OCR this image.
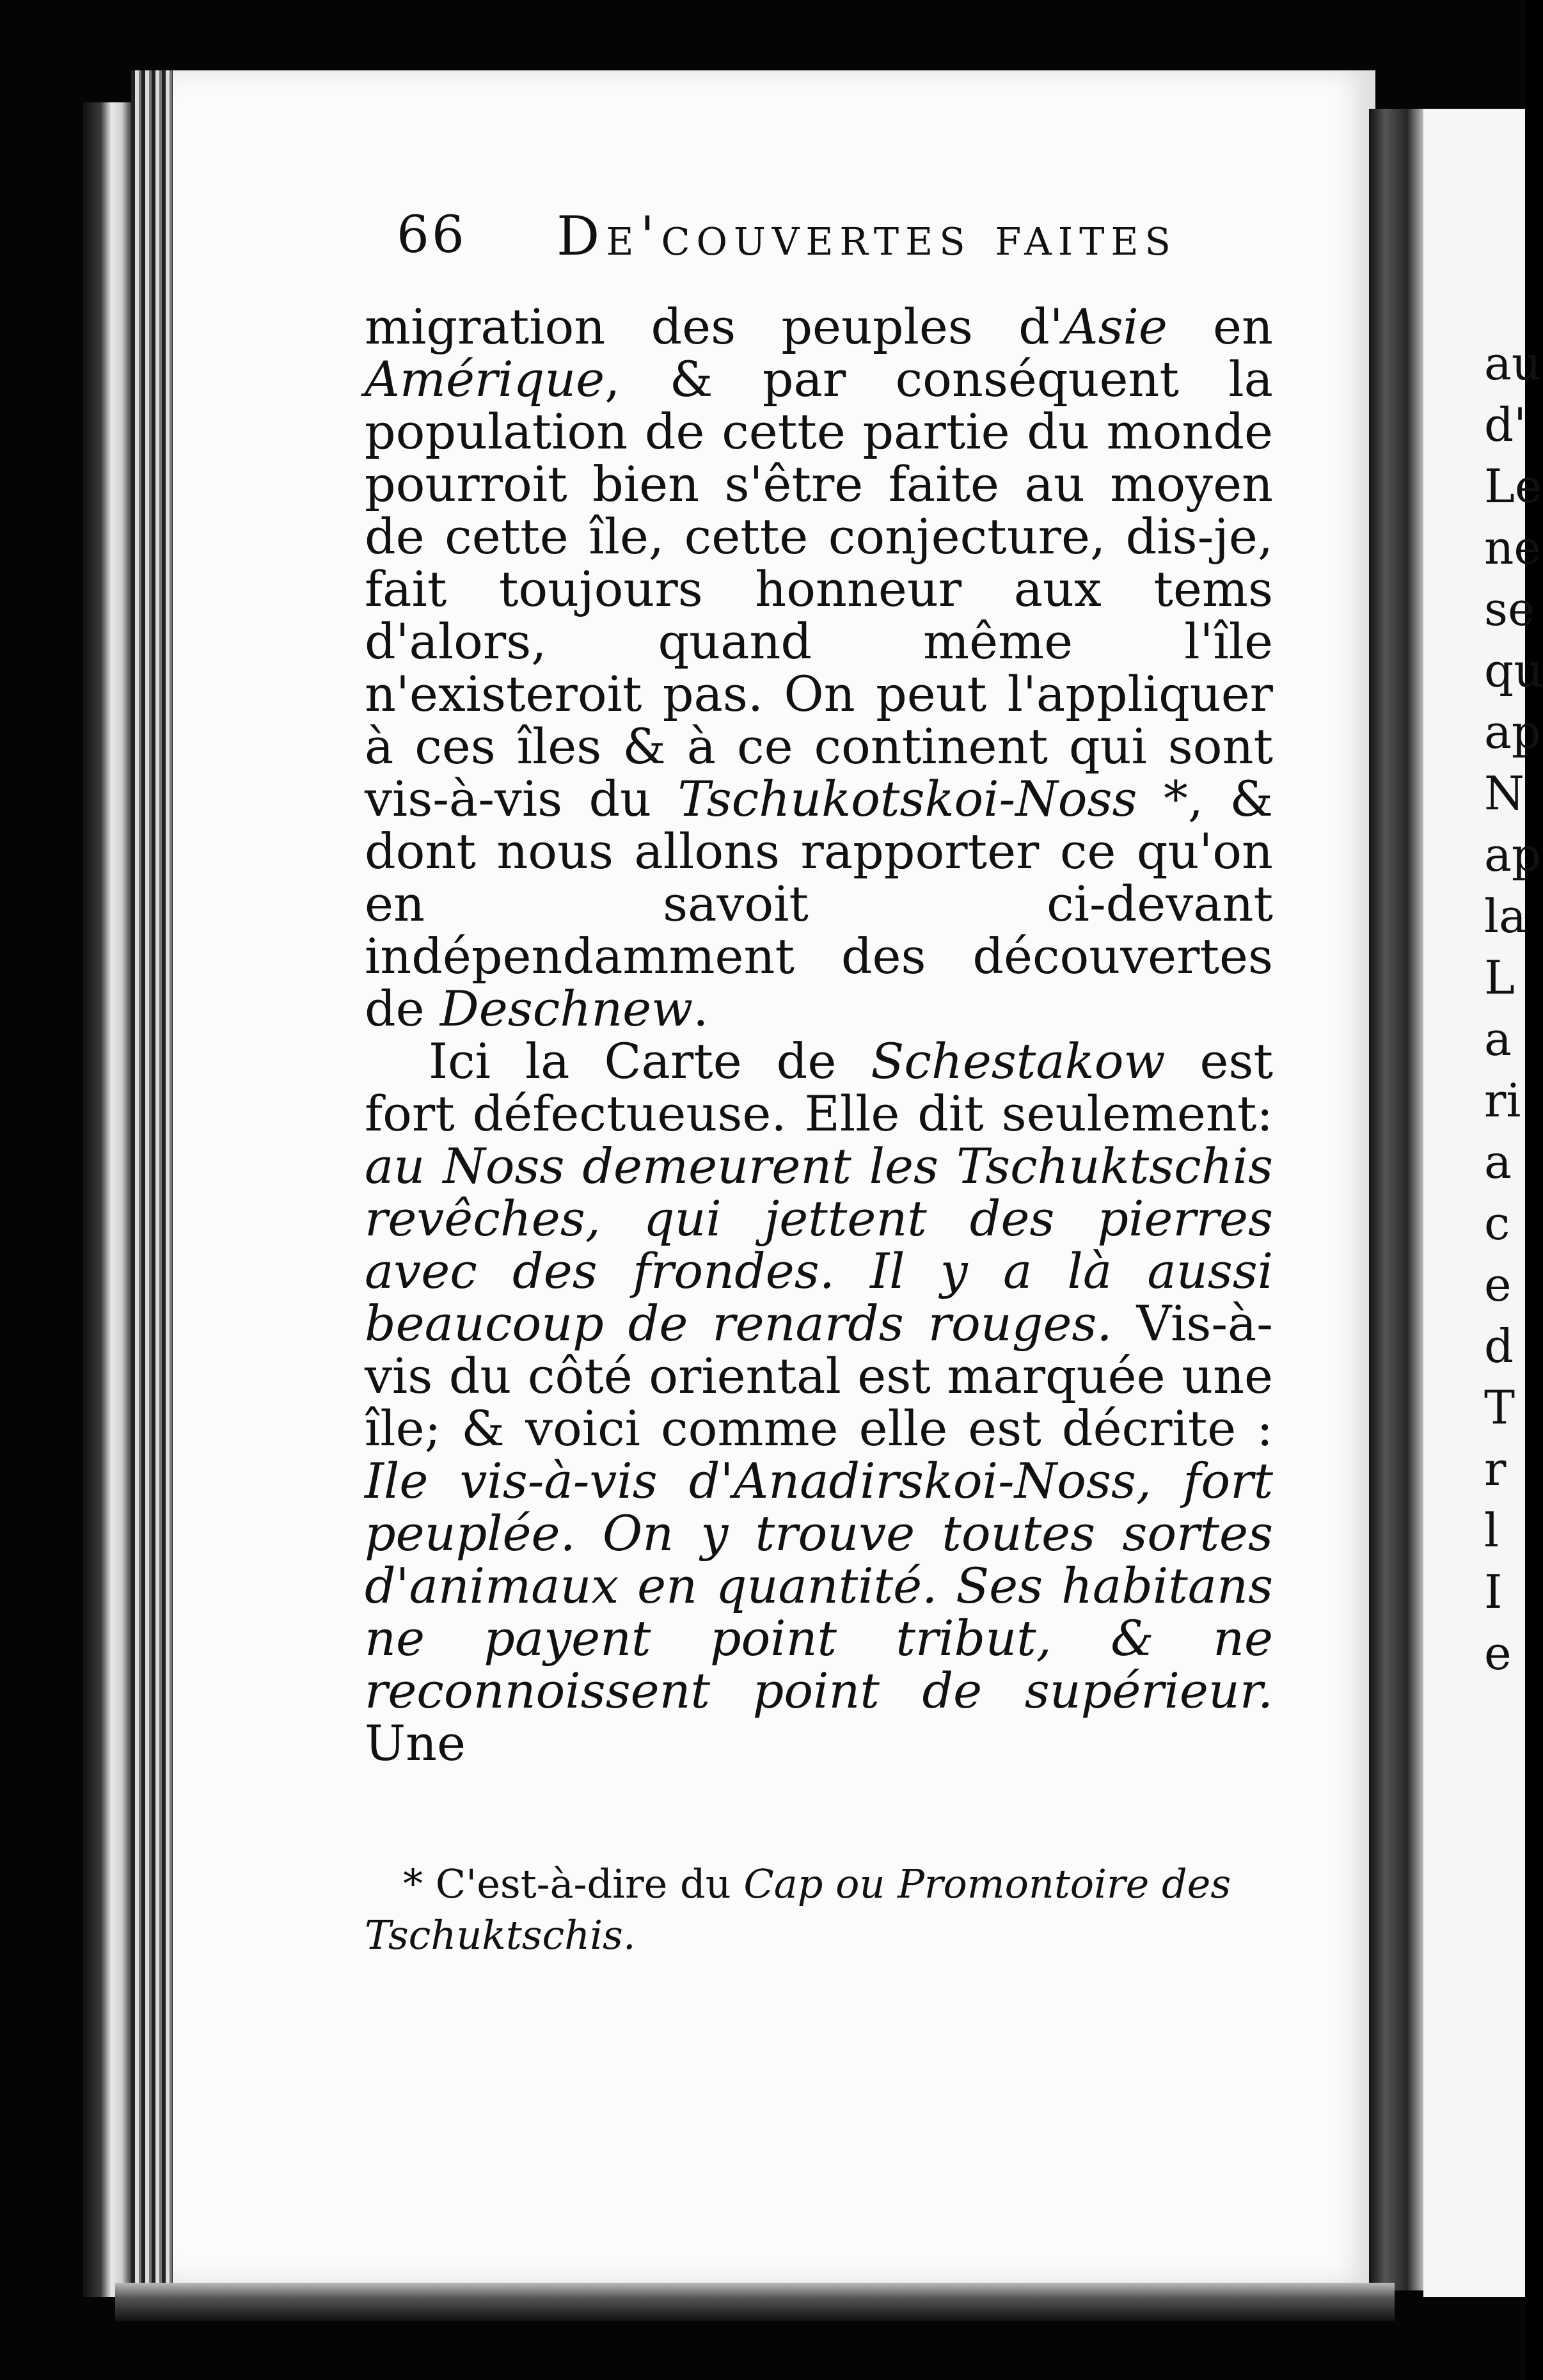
66 De'couvertes faites

migration des peuples d'Asie en Amérique, & par conséquent la population de cette partie du monde pourroit bien s'être faite au moyen de cette île, cette conjecture, dis-je, fait toujours honneur aux tems d'alors, quand même l'île n'existeroit pas. On peut l'appliquer à ces îles & à ce continent qui sont vis-à-vis du Tschukotskoi-Noss *, & dont nous allons rapporter ce qu'on en savoit ci-devant indépendamment des découvertes de Deschnew.

Ici la Carte de Schestakow est fort défectueuse. Elle dit seulement: au Noss demeurent les Tschuktschis revêches, qui jettent des pierres avec des frondes. Il y a là aussi beaucoup de renards rouges. Vis-à-vis du côté oriental est marquée une île; & voici comme elle est décrite : Ile vis-à-vis d'Anadirskoi-Noss, fort peuplée. On y trouve toutes sortes d'animaux en quantité. Ses habitans ne payent point tribut, & ne reconnoissent point de supérieur. Une

* C'est-à-dire du Cap ou Promontoire des Tschuktschis.
au
d'
Le
ne
se
qu
ap
N
ap
la
L
a
ri
a
c
e
d
T
r
l
I
e
